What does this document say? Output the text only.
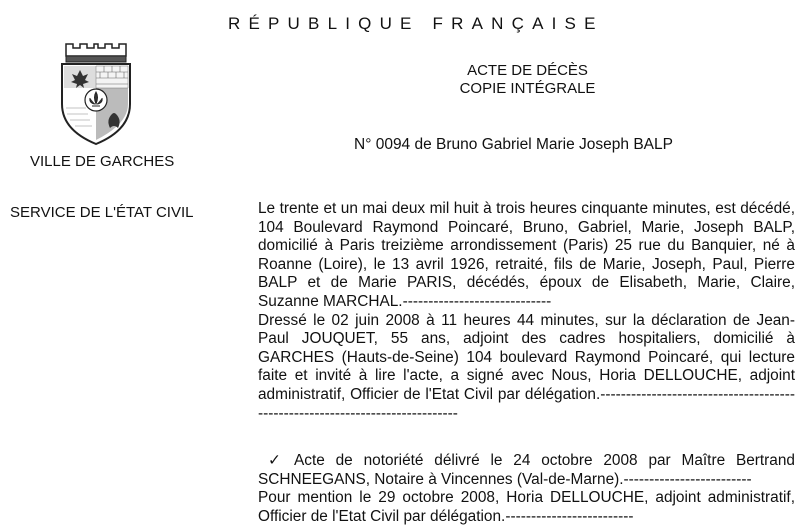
RÉPUBLIQUE FRANÇAISE
VILLE DE GARCHES
SERVICE DE L'ÉTAT CIVIL
ACTE DE DÉCÈS
COPIE INTÉGRALE
N° 0094 de Bruno Gabriel Marie Joseph BALP

Le trente et un mai deux mil huit à trois heures cinquante minutes, est décédé, 104 Boulevard Raymond Poincaré, Bruno, Gabriel, Marie, Joseph BALP, domicilié à Paris treizième arrondissement (Paris) 25 rue du Banquier, né à Roanne (Loire), le 13 avril 1926, retraité, fils de Marie, Joseph, Paul, Pierre BALP et de Marie PARIS, décédés, époux de Elisabeth, Marie, Claire, Suzanne MARCHAL.-----------------------------

Dressé le 02 juin 2008 à 11 heures 44 minutes, sur la déclaration de Jean-Paul JOUQUET, 55 ans, adjoint des cadres hospitaliers, domicilié à GARCHES (Hauts-de-Seine) 104 boulevard Raymond Poincaré, qui lecture faite et invité à lire l'acte, a signé avec Nous, Horia DELLOUCHE, adjoint administratif, Officier de l'Etat Civil par délégation.-----------------------------------------------------------------------------

✓ Acte de notoriété délivré le 24 octobre 2008 par Maître Bertrand SCHNEEGANS, Notaire à Vincennes (Val-de-Marne).-------------------------

Pour mention le 29 octobre 2008, Horia DELLOUCHE, adjoint administratif, Officier de l'Etat Civil par délégation.-------------------------
